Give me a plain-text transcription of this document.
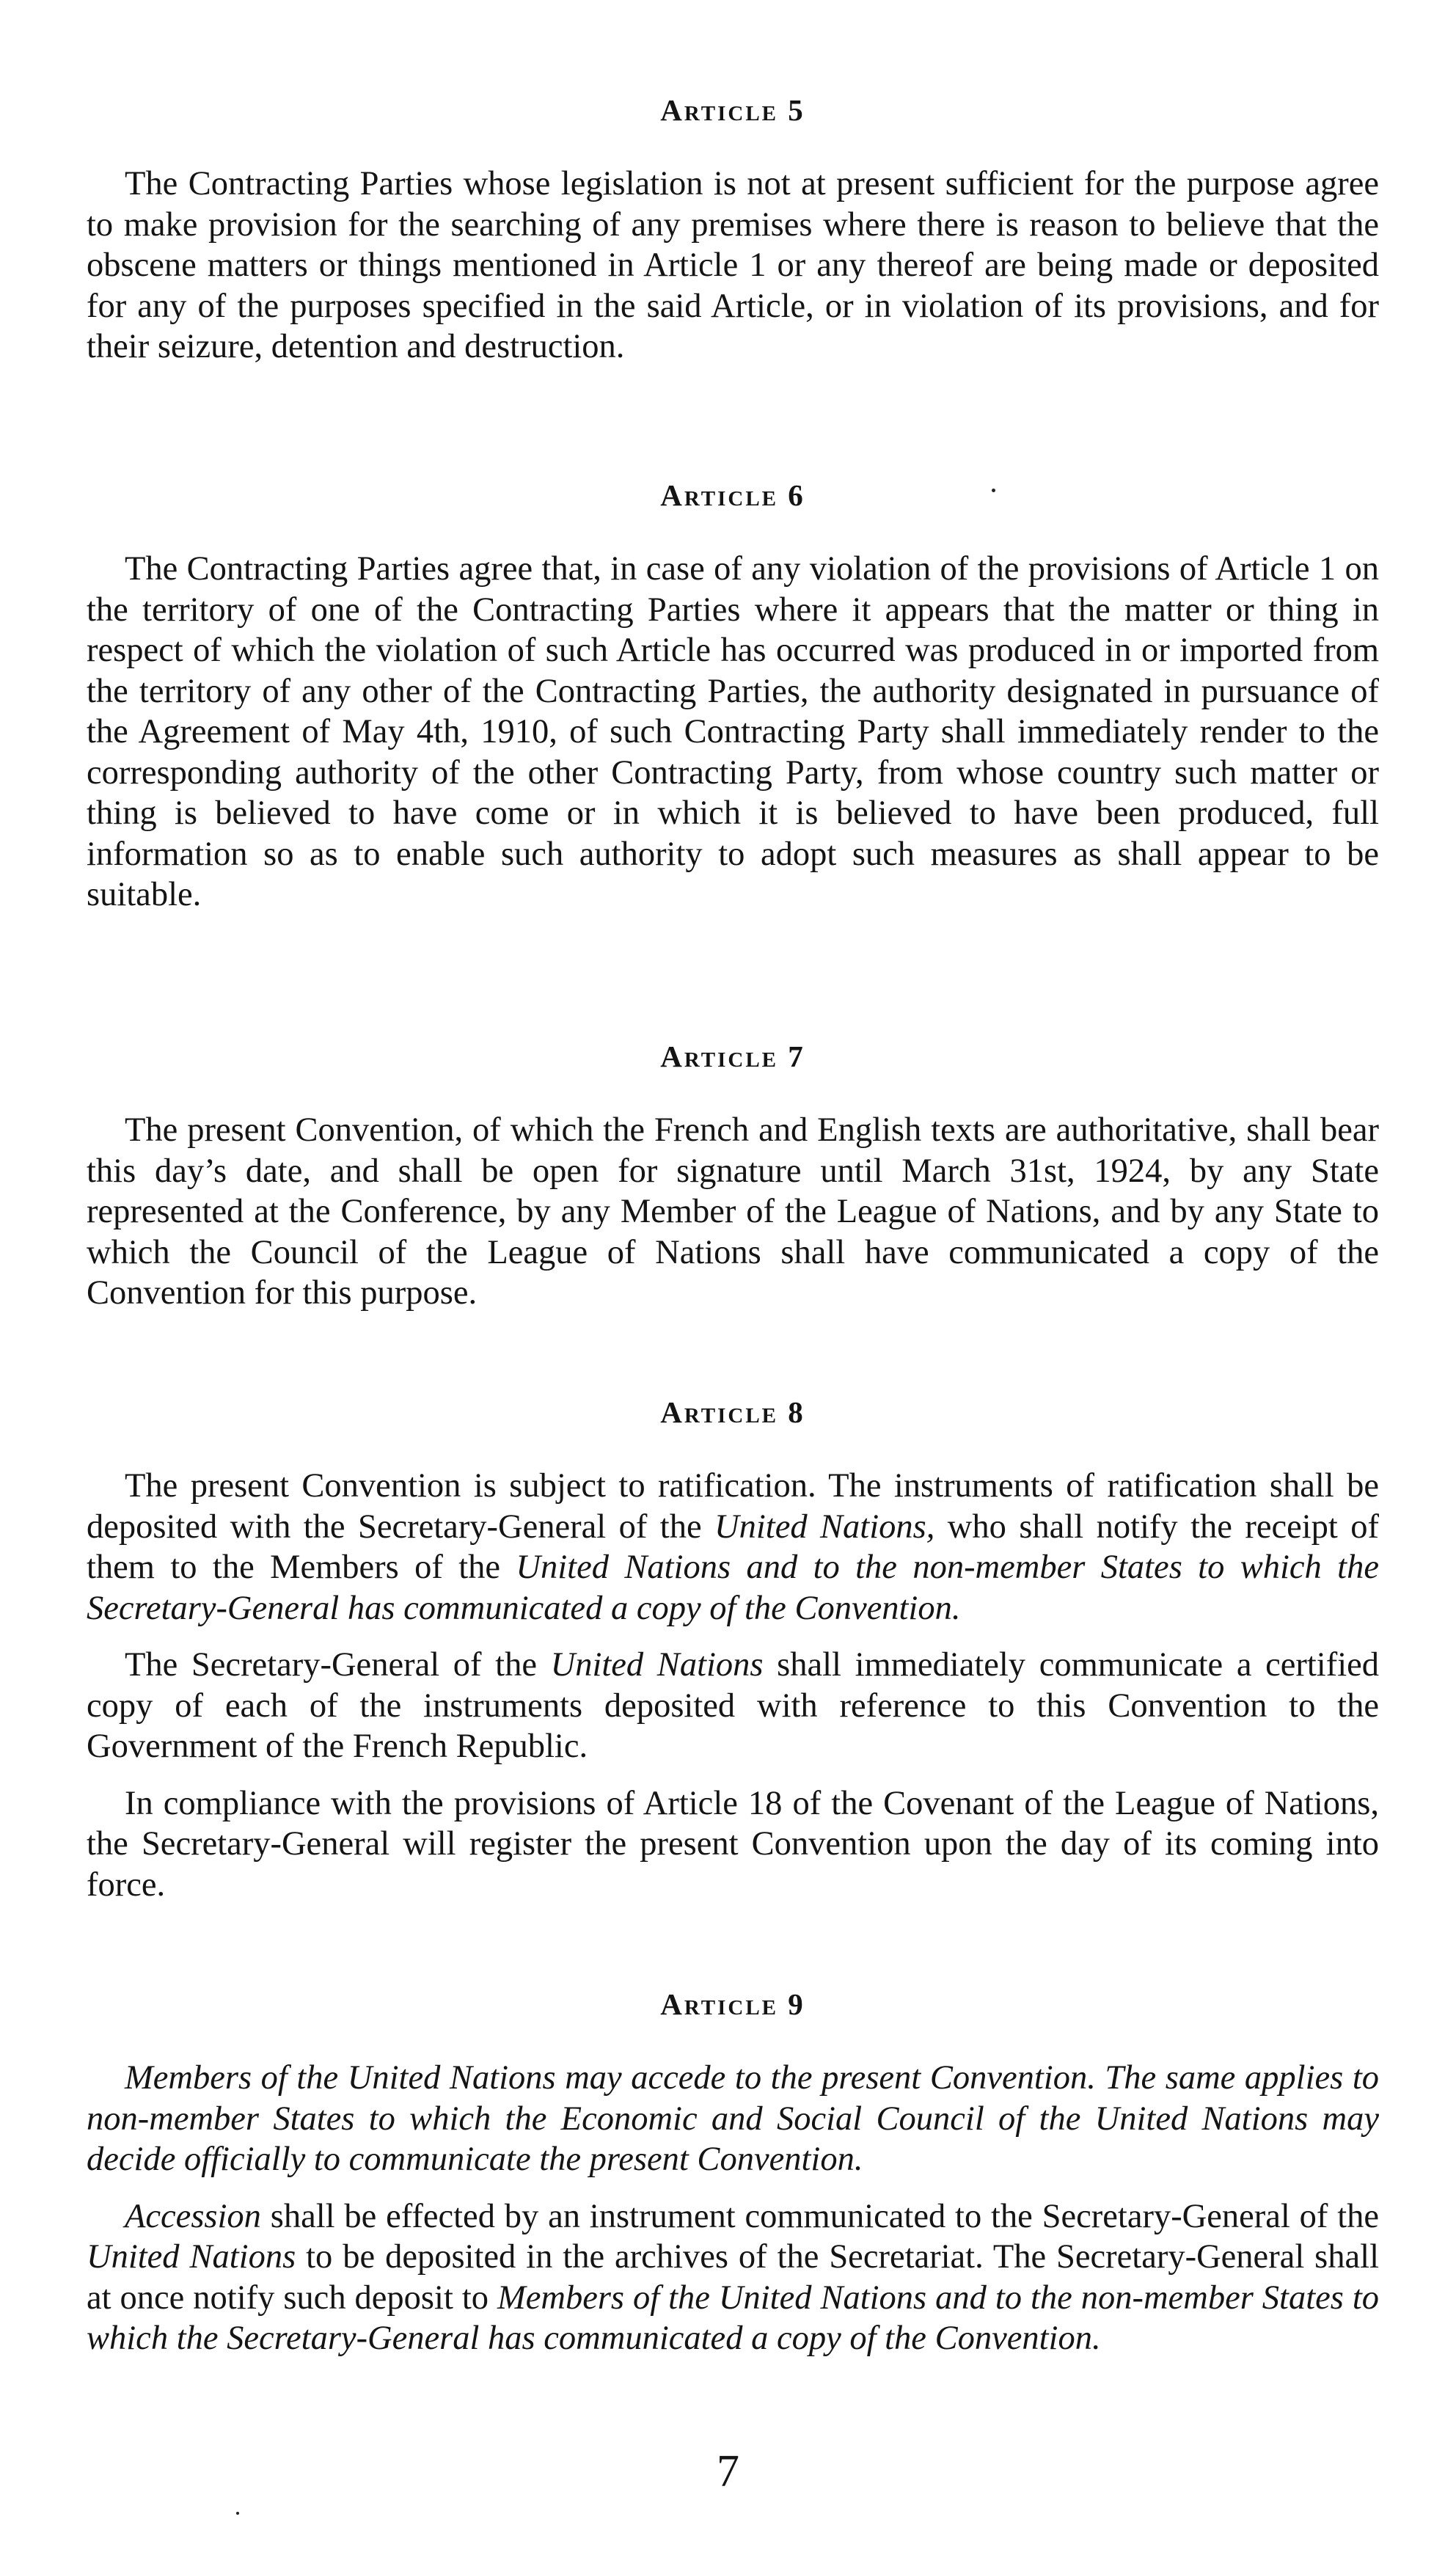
Article 5

The Contracting Parties whose legislation is not at present sufficient for the purpose agree to make provision for the searching of any premises where there is reason to believe that the obscene matters or things mentioned in Article 1 or any thereof are being made or deposited for any of the purposes specified in the said Article, or in violation of its provisions, and for their seizure, detention and destruction.

Article 6

The Contracting Parties agree that, in case of any violation of the provisions of Article 1 on the territory of one of the Contracting Parties where it appears that the matter or thing in respect of which the violation of such Article has occurred was produced in or imported from the territory of any other of the Contracting Parties, the authority designated in pursuance of the Agreement of May 4th, 1910, of such Contracting Party shall immediately render to the corresponding authority of the other Contracting Party, from whose country such matter or thing is believed to have come or in which it is believed to have been produced, full information so as to enable such authority to adopt such measures as shall appear to be suitable.

Article 7

The present Convention, of which the French and English texts are authoritative, shall bear this day’s date, and shall be open for signature until March 31st, 1924, by any State represented at the Conference, by any Member of the League of Nations, and by any State to which the Council of the League of Nations shall have communicated a copy of the Convention for this purpose.

Article 8

The present Convention is subject to ratification. The instruments of ratification shall be deposited with the Secretary-General of the United Nations, who shall notify the receipt of them to the Members of the United Nations and to the non-member States to which the Secretary-General has communicated a copy of the Convention.

The Secretary-General of the United Nations shall immediately communicate a certified copy of each of the instruments deposited with reference to this Convention to the Government of the French Republic.

In compliance with the provisions of Article 18 of the Covenant of the League of Nations, the Secretary-General will register the present Convention upon the day of its coming into force.

Article 9

Members of the United Nations may accede to the present Convention. The same applies to non-member States to which the Economic and Social Council of the United Nations may decide officially to communicate the present Convention.

Accession shall be effected by an instrument communicated to the Secretary-General of the United Nations to be deposited in the archives of the Secretariat. The Secretary-General shall at once notify such deposit to Members of the United Nations and to the non-member States to which the Secretary-General has communicated a copy of the Convention.

7
